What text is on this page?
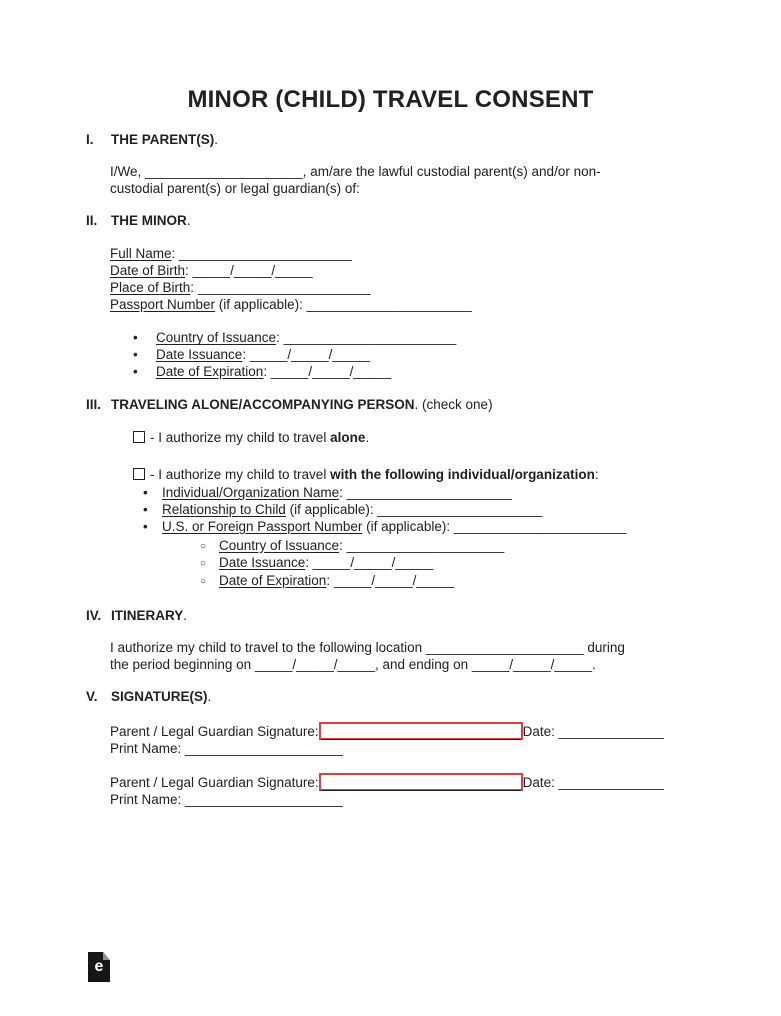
MINOR (CHILD) TRAVEL CONSENT
I. THE PARENT(S).
I/We, _____________________, am/are the lawful custodial parent(s) and/or non-
custodial parent(s) or legal guardian(s) of:
II. THE MINOR.
Full Name: _______________________
Date of Birth: _____/_____/_____
Place of Birth: _______________________
Passport Number (if applicable): ______________________
• Country of Issuance: _______________________
• Date Issuance: _____/_____/_____
• Date of Expiration: _____/_____/_____
III. TRAVELING ALONE/ACCOMPANYING PERSON. (check one)
- I authorize my child to travel alone.
- I authorize my child to travel with the following individual/organization:
• Individual/Organization Name: ______________________
• Relationship to Child (if applicable): ______________________
• U.S. or Foreign Passport Number (if applicable): _______________________
○ Country of Issuance: _____________________
○ Date Issuance: _____/_____/_____
○ Date of Expiration: _____/_____/_____
IV. ITINERARY.
I authorize my child to travel to the following location _____________________ during
the period beginning on _____/_____/_____, and ending on _____/_____/_____.
V. SIGNATURE(S).
Parent / Legal Guardian Signature:	Date: ______________
Print Name: _____________________
Parent / Legal Guardian Signature:	Date: ______________
Print Name: _____________________
e
